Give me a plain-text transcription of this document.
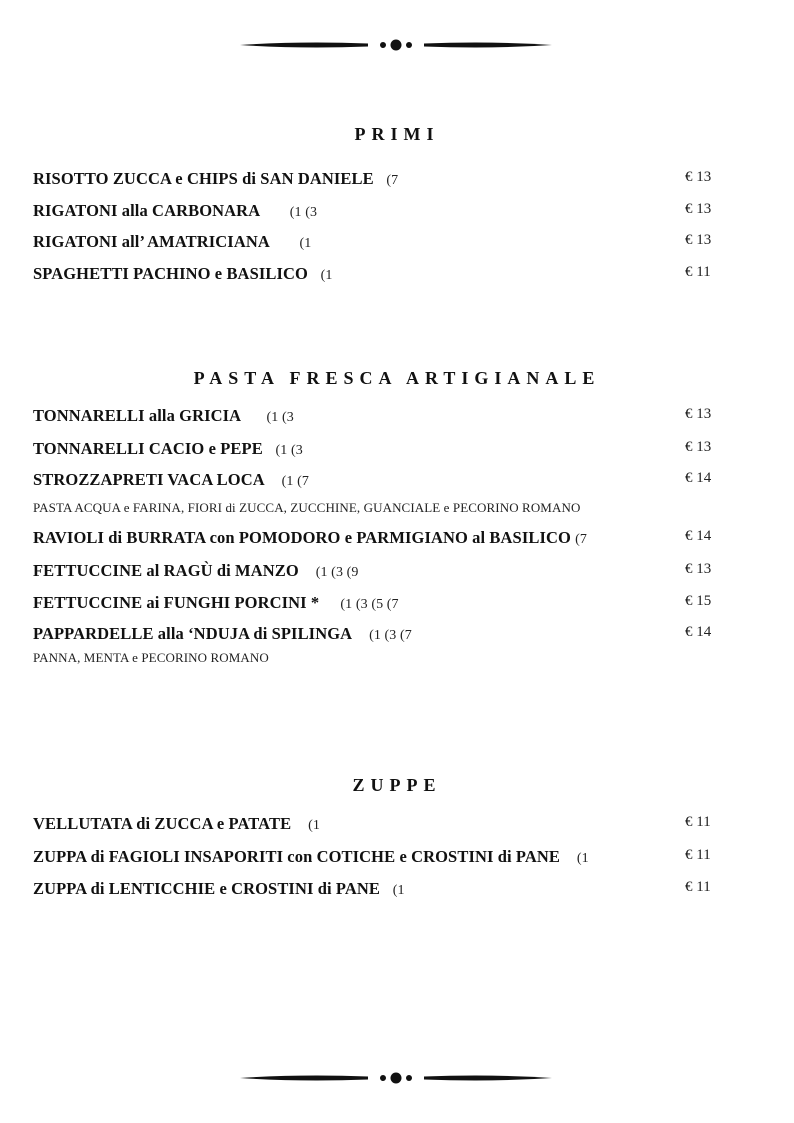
PRIMI
RISOTTO ZUCCA e CHIPS di SAN DANIELE (7	€ 13
RIGATONI alla CARBONARA (1 (3	€ 13
RIGATONI all’ AMATRICIANA (1	€ 13
SPAGHETTI PACHINO e BASILICO (1	€ 11
PASTA FRESCA ARTIGIANALE
TONNARELLI alla GRICIA (1 (3	€ 13
TONNARELLI CACIO e PEPE (1 (3	€ 13
STROZZAPRETI VACA LOCA (1 (7	€ 14
PASTA ACQUA e FARINA, FIORI di ZUCCA, ZUCCHINE, GUANCIALE e PECORINO ROMANO
RAVIOLI di BURRATA con POMODORO e PARMIGIANO al BASILICO (7	€ 14
FETTUCCINE al RAGÙ di MANZO (1 (3 (9	€ 13
FETTUCCINE ai FUNGHI PORCINI * (1 (3 (5 (7	€ 15
PAPPARDELLE alla ‘NDUJA di SPILINGA (1 (3 (7	€ 14
PANNA, MENTA e PECORINO ROMANO
ZUPPE
VELLUTATA di ZUCCA e PATATE (1	€ 11
ZUPPA di FAGIOLI INSAPORITI con COTICHE e CROSTINI di PANE (1	€ 11
ZUPPA di LENTICCHIE e CROSTINI di PANE (1	€ 11
